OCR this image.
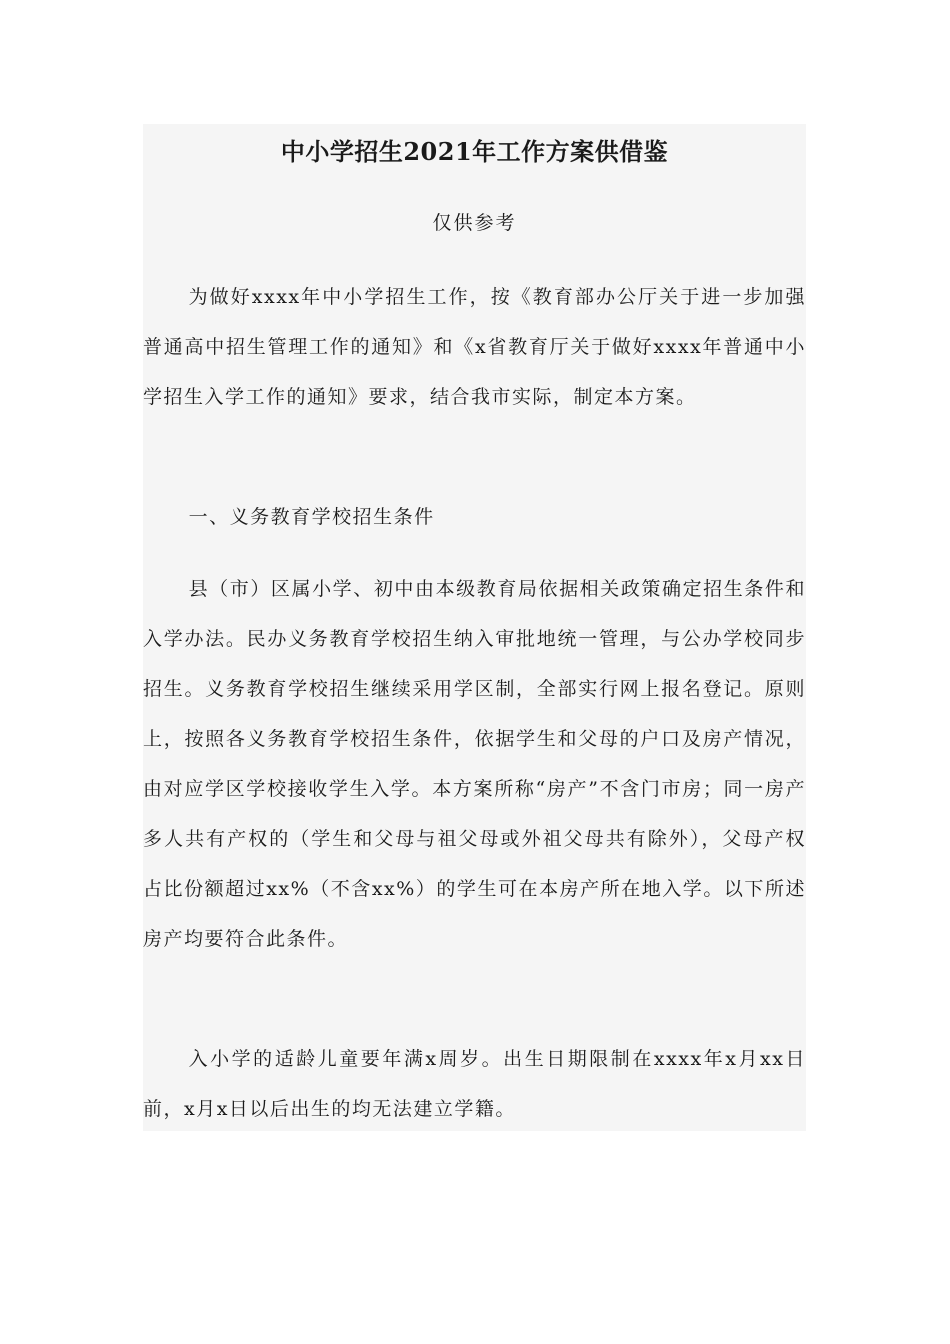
中小学招生2021年工作方案供借鉴

仅供参考

为做好xxxx年中小学招生工作，按《教育部办公厅关于进一步加强普通高中招生管理工作的通知》和《x省教育厅关于做好xxxx年普通中小学招生入学工作的通知》要求，结合我市实际，制定本方案。

一、义务教育学校招生条件

县（市）区属小学、初中由本级教育局依据相关政策确定招生条件和入学办法。民办义务教育学校招生纳入审批地统一管理，与公办学校同步招生。义务教育学校招生继续采用学区制，全部实行网上报名登记。原则上，按照各义务教育学校招生条件，依据学生和父母的户口及房产情况，由对应学区学校接收学生入学。本方案所称“房产”不含门市房；同一房产多人共有产权的（学生和父母与祖父母或外祖父母共有除外），父母产权占比份额超过xx%（不含xx%）的学生可在本房产所在地入学。以下所述房产均要符合此条件。

入小学的适龄儿童要年满x周岁。出生日期限制在xxxx年x月xx日前，x月x日以后出生的均无法建立学籍。
